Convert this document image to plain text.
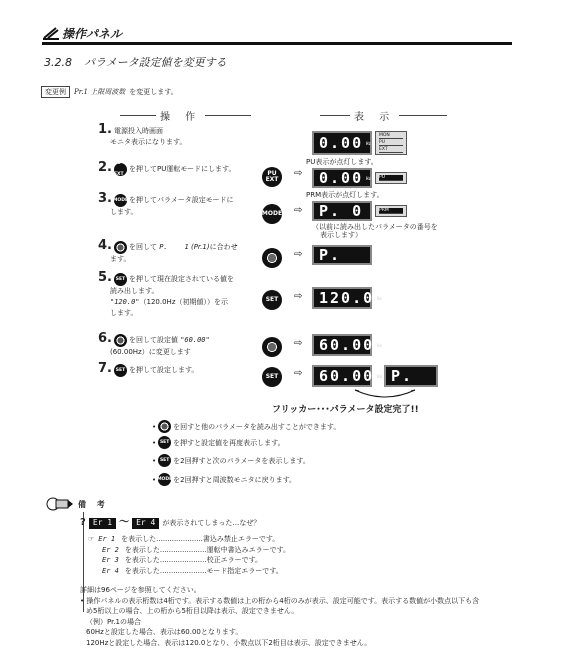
操作パネル
3.2.8 パラメータ設定値を変更する
変更例	Pr.1 上限周波数 を変更します。
操 作	表 示
1. 電源投入時画面
モニタ表示になります。	0.00 Hz
MON
PU
EXT
2. PU EXTを押してPU運転モードにします。
PU表示が点灯します。
PU
EXT
⇨ 0.00 Hz PU
3.MODEを押してパラメータ設定モードに
します。
PRM表示が点灯します。
MODE ⇨ P. 0	PRM
（以前に読み出したパラメータの番号を
表示します）
4. を回して P.    1 (Pr.1)に合わせ
ます。	⇨ P.   1
5. SET を押して現在設定されている値を
読み出します。
"120.0"（120.0Hz（初期値））を示
します。
SET	⇨ 120.0 Hz
6. を回して設定値 "60.00"
(60.00Hz）に変更します
⇨ 60.00 Hz
7. SET を押して設定します。
SET	⇨ 60.00 Hz P.   1
フリッカー･･･パラメータ設定完了!!
• を回すと他のパラメータを読み出すことができます。
• SET を押すと設定値を再度表示します。
• SET を2回押すと次のパラメータを表示します。
• MODE を2回押すと周波数モニタに戻ります。
備 考
? Er 1 ～ Er 4	が表示されてしまった…なぜ？
☞ Er 1 を表示した.....................書込み禁止エラーです。
Er 2 を表示した.....................運転中書込みエラーです。
Er 3 を表示した.....................校正エラーです。
Er 4 を表示した.....................モード指定エラーです。
詳細は96ページを参照してください。
• 操作パネルの表示桁数は4桁です。表示する数値は上の桁から4桁のみが表示、設定可能です。表示する数値が小数点以下も含
め5桁以上の場合、上の桁から5桁目以降は表示、設定できません。
（例）Pr.1の場合
60Hzと設定した場合、表示は60.00となります。
120Hzと設定した場合、表示は120.0となり、小数点以下2桁目は表示、設定できません。
